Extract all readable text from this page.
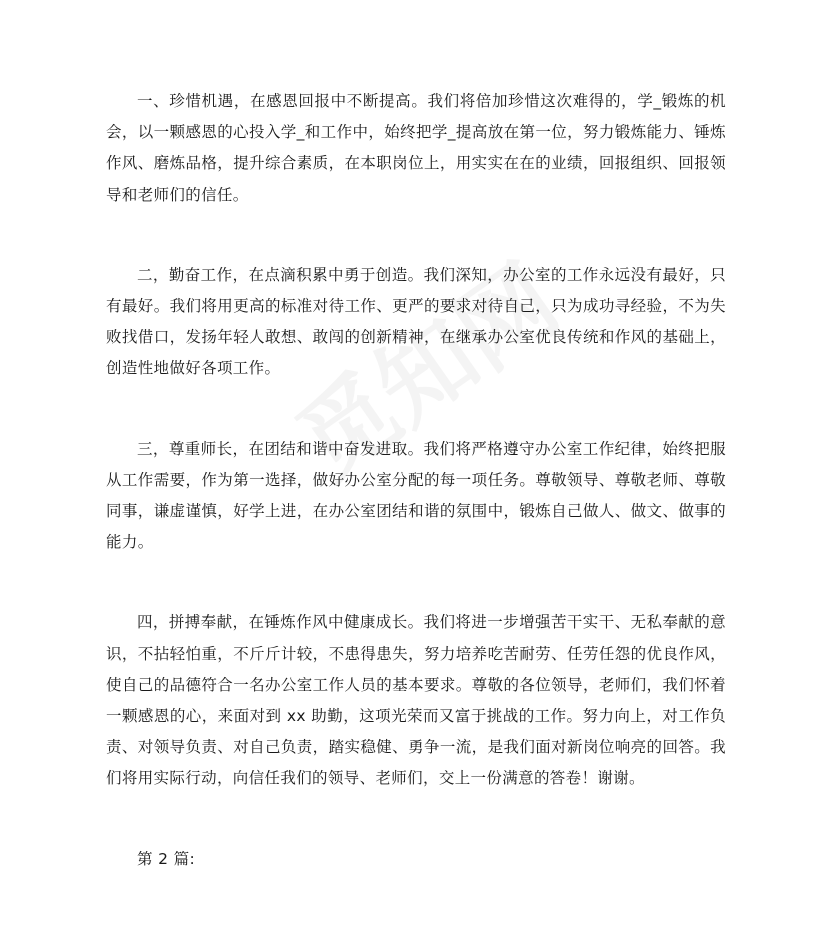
一、珍惜机遇，在感恩回报中不断提高。我们将倍加珍惜这次难得的，学_锻炼的机会，以一颗感恩的心投入学_和工作中，始终把学_提高放在第一位，努力锻炼能力、锤炼作风、磨炼品格，提升综合素质，在本职岗位上，用实实在在的业绩，回报组织、回报领导和老师们的信任。

二，勤奋工作，在点滴积累中勇于创造。我们深知，办公室的工作永远没有最好，只有最好。我们将用更高的标准对待工作、更严的要求对待自己，只为成功寻经验，不为失败找借口，发扬年轻人敢想、敢闯的创新精神，在继承办公室优良传统和作风的基础上，创造性地做好各项工作。

三，尊重师长，在团结和谐中奋发进取。我们将严格遵守办公室工作纪律，始终把服从工作需要，作为第一选择，做好办公室分配的每一项任务。尊敬领导、尊敬老师、尊敬同事，谦虚谨慎，好学上进，在办公室团结和谐的氛围中，锻炼自己做人、做文、做事的能力。

四，拼搏奉献，在锤炼作风中健康成长。我们将进一步增强苦干实干、无私奉献的意识，不拈轻怕重，不斤斤计较，不患得患失，努力培养吃苦耐劳、任劳任怨的优良作风，使自己的品德符合一名办公室工作人员的基本要求。尊敬的各位领导，老师们，我们怀着一颗感恩的心，来面对到 xx 助勤，这项光荣而又富于挑战的工作。努力向上，对工作负责、对领导负责、对自己负责，踏实稳健、勇争一流，是我们面对新岗位响亮的回答。我们将用实际行动，向信任我们的领导、老师们，交上一份满意的答卷！谢谢。

第 2 篇:
